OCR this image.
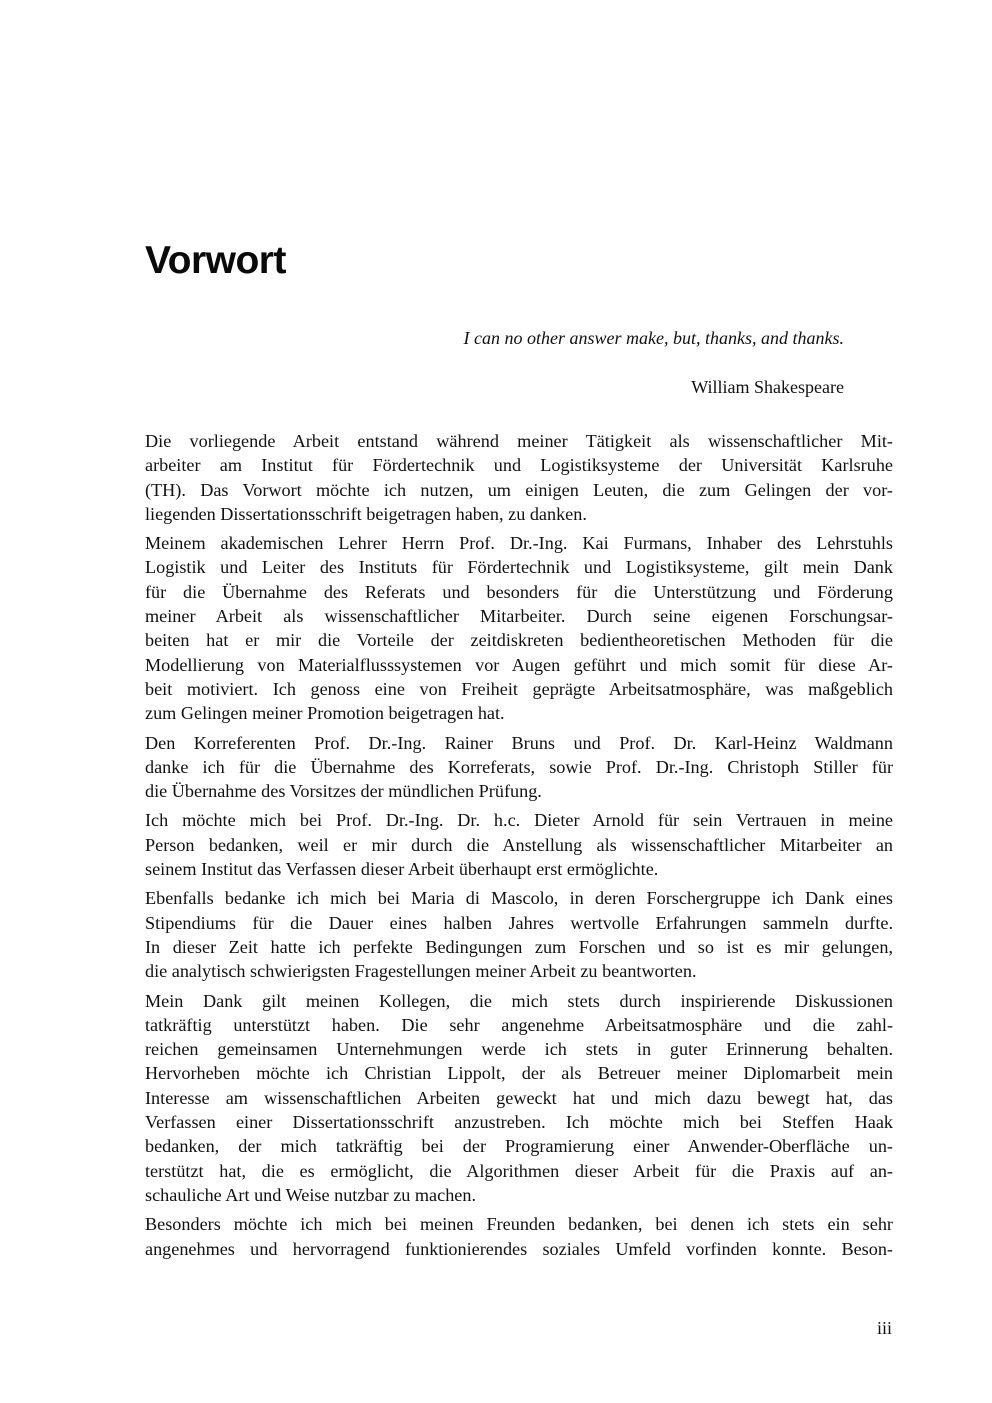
Vorwort
I can no other answer make, but, thanks, and thanks.
William Shakespeare
Die vorliegende Arbeit entstand während meiner Tätigkeit als wissenschaftlicher Mit-
arbeiter am Institut für Fördertechnik und Logistiksysteme der Universität Karlsruhe
(TH). Das Vorwort möchte ich nutzen, um einigen Leuten, die zum Gelingen der vor-
liegenden Dissertationsschrift beigetragen haben, zu danken.
Meinem akademischen Lehrer Herrn Prof. Dr.-Ing. Kai Furmans, Inhaber des Lehrstuhls
Logistik und Leiter des Instituts für Fördertechnik und Logistiksysteme, gilt mein Dank
für die Übernahme des Referats und besonders für die Unterstützung und Förderung
meiner Arbeit als wissenschaftlicher Mitarbeiter. Durch seine eigenen Forschungsar-
beiten hat er mir die Vorteile der zeitdiskreten bedientheoretischen Methoden für die
Modellierung von Materialflusssystemen vor Augen geführt und mich somit für diese Ar-
beit motiviert. Ich genoss eine von Freiheit geprägte Arbeitsatmosphäre, was maßgeblich
zum Gelingen meiner Promotion beigetragen hat.
Den Korreferenten Prof. Dr.-Ing. Rainer Bruns und Prof. Dr. Karl-Heinz Waldmann
danke ich für die Übernahme des Korreferats, sowie Prof. Dr.-Ing. Christoph Stiller für
die Übernahme des Vorsitzes der mündlichen Prüfung.
Ich möchte mich bei Prof. Dr.-Ing. Dr. h.c. Dieter Arnold für sein Vertrauen in meine
Person bedanken, weil er mir durch die Anstellung als wissenschaftlicher Mitarbeiter an
seinem Institut das Verfassen dieser Arbeit überhaupt erst ermöglichte.
Ebenfalls bedanke ich mich bei Maria di Mascolo, in deren Forschergruppe ich Dank eines
Stipendiums für die Dauer eines halben Jahres wertvolle Erfahrungen sammeln durfte.
In dieser Zeit hatte ich perfekte Bedingungen zum Forschen und so ist es mir gelungen,
die analytisch schwierigsten Fragestellungen meiner Arbeit zu beantworten.
Mein Dank gilt meinen Kollegen, die mich stets durch inspirierende Diskussionen
tatkräftig unterstützt haben. Die sehr angenehme Arbeitsatmosphäre und die zahl-
reichen gemeinsamen Unternehmungen werde ich stets in guter Erinnerung behalten.
Hervorheben möchte ich Christian Lippolt, der als Betreuer meiner Diplomarbeit mein
Interesse am wissenschaftlichen Arbeiten geweckt hat und mich dazu bewegt hat, das
Verfassen einer Dissertationsschrift anzustreben. Ich möchte mich bei Steffen Haak
bedanken, der mich tatkräftig bei der Programierung einer Anwender-Oberfläche un-
terstützt hat, die es ermöglicht, die Algorithmen dieser Arbeit für die Praxis auf an-
schauliche Art und Weise nutzbar zu machen.
Besonders möchte ich mich bei meinen Freunden bedanken, bei denen ich stets ein sehr
angenehmes und hervorragend funktionierendes soziales Umfeld vorfinden konnte. Beson-
iii
